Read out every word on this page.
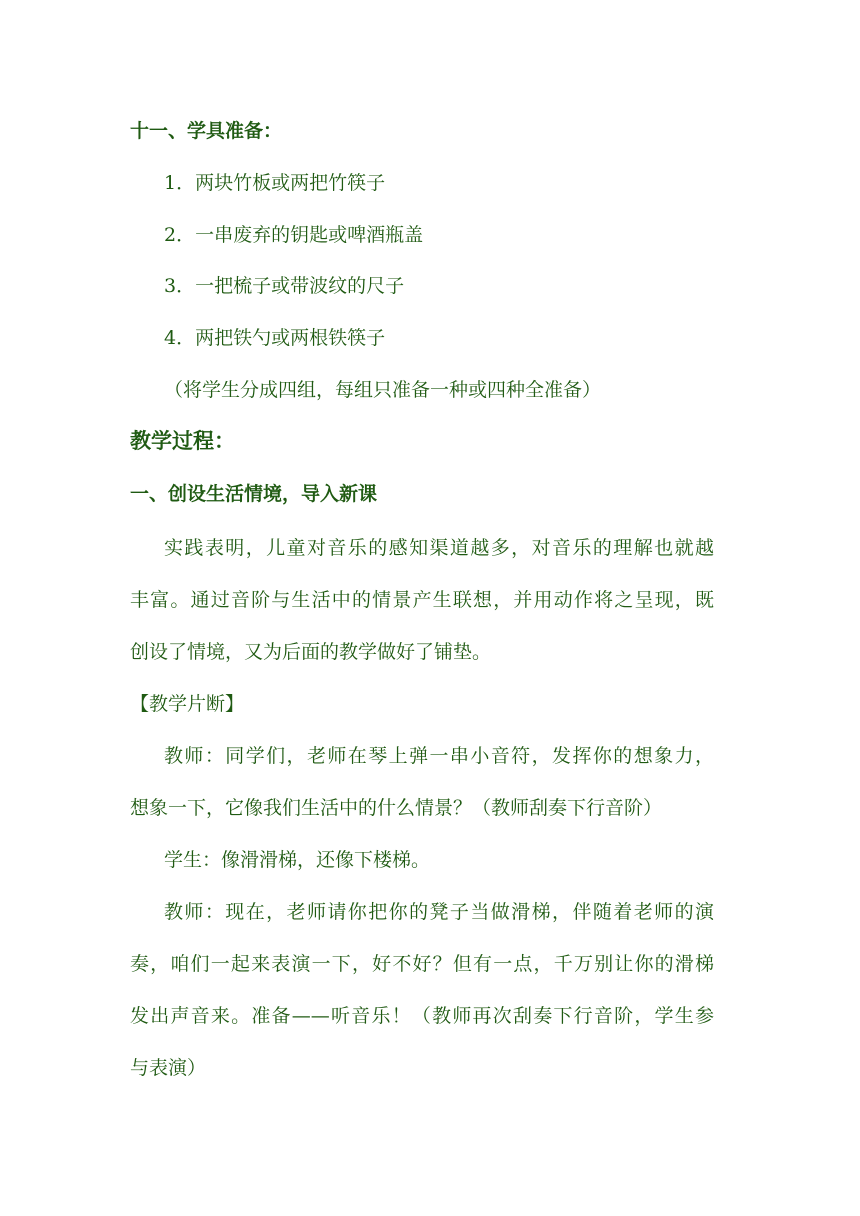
十一、学具准备：
1．两块竹板或两把竹筷子
2．一串废弃的钥匙或啤酒瓶盖
3．一把梳子或带波纹的尺子
4．两把铁勺或两根铁筷子
（将学生分成四组，每组只准备一种或四种全准备）
教学过程：
一、创设生活情境，导入新课
实践表明，儿童对音乐的感知渠道越多，对音乐的理解也就越
丰富。通过音阶与生活中的情景产生联想，并用动作将之呈现，既
创设了情境，又为后面的教学做好了铺垫。
【教学片断】
教师：同学们，老师在琴上弹一串小音符，发挥你的想象力，
想象一下，它像我们生活中的什么情景？（教师刮奏下行音阶）
学生：像滑滑梯，还像下楼梯。
教师：现在，老师请你把你的凳子当做滑梯，伴随着老师的演
奏，咱们一起来表演一下，好不好？但有一点，千万别让你的滑梯
发出声音来。准备——听音乐！（教师再次刮奏下行音阶，学生参
与表演）
